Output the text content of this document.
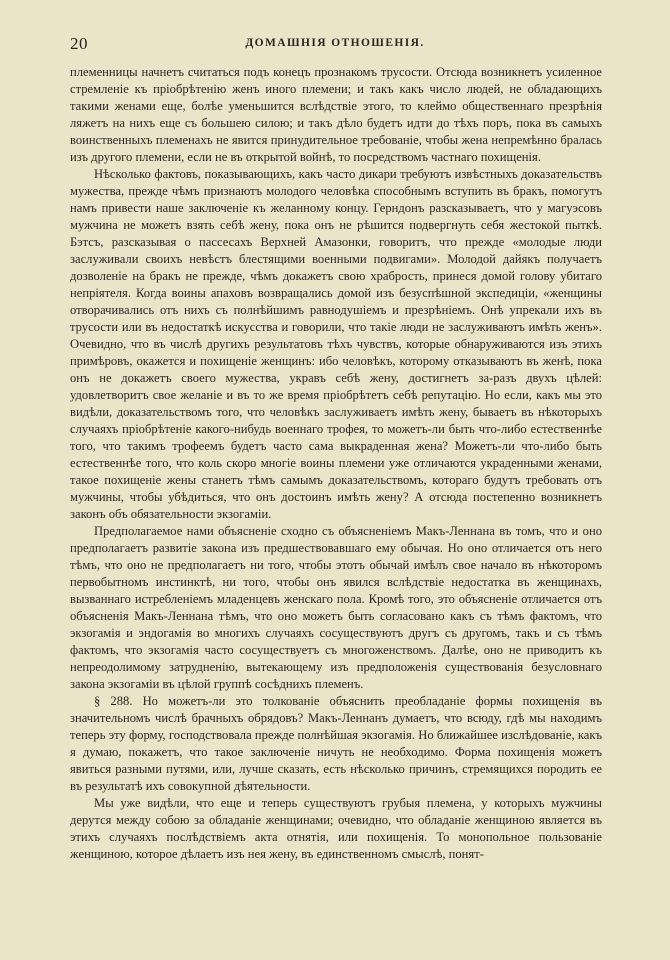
20	ДОМАШНІЯ ОТНОШЕНІЯ.

племенницы начнетъ считаться подъ конецъ прознакомъ трусости. Отсюда возникнетъ усиленное стремленіе къ пріобрѣтенію женъ иного племени; и такъ какъ число людей, не обладающихъ такими женами еще, болѣе уменьшится вслѣдствіе этого, то клеймо общественнаго презрѣнія ляжетъ на нихъ еще съ большею силою; и такъ дѣло будетъ идти до тѣхъ поръ, пока въ самыхъ воинственныхъ племенахъ не явится принудительное требованіе, чтобы жена непремѣнно бралась изъ другого племени, если не въ открытой войнѣ, то посредствомъ частнаго похищенія.

Нѣсколько фактовъ, показывающихъ, какъ часто дикари требуютъ извѣстныхъ доказательствъ мужества, прежде чѣмъ признаютъ молодого человѣка способнымъ вступить въ бракъ, помогутъ намъ привести наше заключеніе къ желанному концу. Герндонъ разсказываетъ, что у магуэсовъ мужчина не можетъ взять себѣ жену, пока онъ не рѣшится подвергнуть себя жестокой пыткѣ. Бэтсъ, разсказывая о пассесахъ Верхней Амазонки, говоритъ, что прежде «молодые люди заслуживали своихъ невѣстъ блестящими военными подвигами». Молодой дайякъ получаетъ дозволеніе на бракъ не прежде, чѣмъ докажетъ свою храбрость, принеся домой голову убитаго непріятеля. Когда воины апаховъ возвращались домой изъ безуспѣшной экспедиціи, «женщины отворачивались отъ нихъ съ полнѣйшимъ равнодушіемъ и презрѣніемъ. Онѣ упрекали ихъ въ трусости или въ недостаткѣ искусства и говорили, что такіе люди не заслуживаютъ имѣть женъ». Очевидно, что въ числѣ другихъ результатовъ тѣхъ чувствъ, которые обнаруживаются изъ этихъ примѣровъ, окажется и похищеніе женщинъ: ибо человѣкъ, которому отказываютъ въ женѣ, пока онъ не докажетъ своего мужества, укравъ себѣ жену, достигнетъ за-разъ двухъ цѣлей: удовлетворитъ свое желаніе и въ то же время пріобрѣтетъ себѣ репутацію. Но если, какъ мы это видѣли, доказательствомъ того, что человѣкъ заслуживаетъ имѣть жену, бываетъ въ нѣкоторыхъ случаяхъ пріобрѣтеніе какого-нибудь военнаго трофея, то можетъ-ли быть что-либо естественнѣе того, что такимъ трофеемъ будетъ часто сама выкраденная жена? Можетъ-ли что-либо быть естественнѣе того, что коль скоро многіе воины племени уже отличаются украденными женами, такое похищеніе жены станетъ тѣмъ самымъ доказательствомъ, котораго будутъ требовать отъ мужчины, чтобы убѣдиться, что онъ достоинъ имѣть жену? А отсюда постепенно возникнетъ законъ объ обязательности экзогаміи.

Предполагаемое нами объясненіе сходно съ объясненіемъ Макъ-Леннана въ томъ, что и оно предполагаетъ развитіе закона изъ предшествовавшаго ему обычая. Но оно отличается отъ него тѣмъ, что оно не предполагаетъ ни того, чтобы этотъ обычай имѣлъ свое начало въ нѣкоторомъ первобытномъ инстинктѣ, ни того, чтобы онъ явился вслѣдствіе недостатка въ женщинахъ, вызваннаго истребленіемъ младенцевъ женскаго пола. Кромѣ того, это объясненіе отличается отъ объясненія Макъ-Леннана тѣмъ, что оно можетъ быть согласовано какъ съ тѣмъ фактомъ, что экзогамія и эндогамія во многихъ случаяхъ сосуществуютъ другъ съ другомъ, такъ и съ тѣмъ фактомъ, что экзогамія часто сосуществуетъ съ многоженствомъ. Далѣе, оно не приводитъ къ непреодолимому затрудненію, вытекающему изъ предположенія существованія безусловнаго закона экзогаміи въ цѣлой группѣ сосѣднихъ племенъ.

§ 288. Но можетъ-ли это толкованіе объяснить преобладаніе формы похищенія въ значительномъ числѣ брачныхъ обрядовъ? Макъ-Леннанъ думаетъ, что всюду, гдѣ мы находимъ теперь эту форму, господствовала прежде полнѣйшая экзогамія. Но ближайшее изслѣдованіе, какъ я думаю, покажетъ, что такое заключеніе ничуть не необходимо. Форма похищенія можетъ явиться разными путями, или, лучше сказать, есть нѣсколько причинъ, стремящихся породить ее въ результатѣ ихъ совокупной дѣятельности.

Мы уже видѣли, что еще и теперь существуютъ грубыя племена, у которыхъ мужчины дерутся между собою за обладаніе женщинами; очевидно, что обладаніе женщиною является въ этихъ случаяхъ послѣдствіемъ акта отнятія, или похищенія. То монопольное пользованіе женщиною, которое дѣлаетъ изъ нея жену, въ единственномъ смыслѣ, понят-
